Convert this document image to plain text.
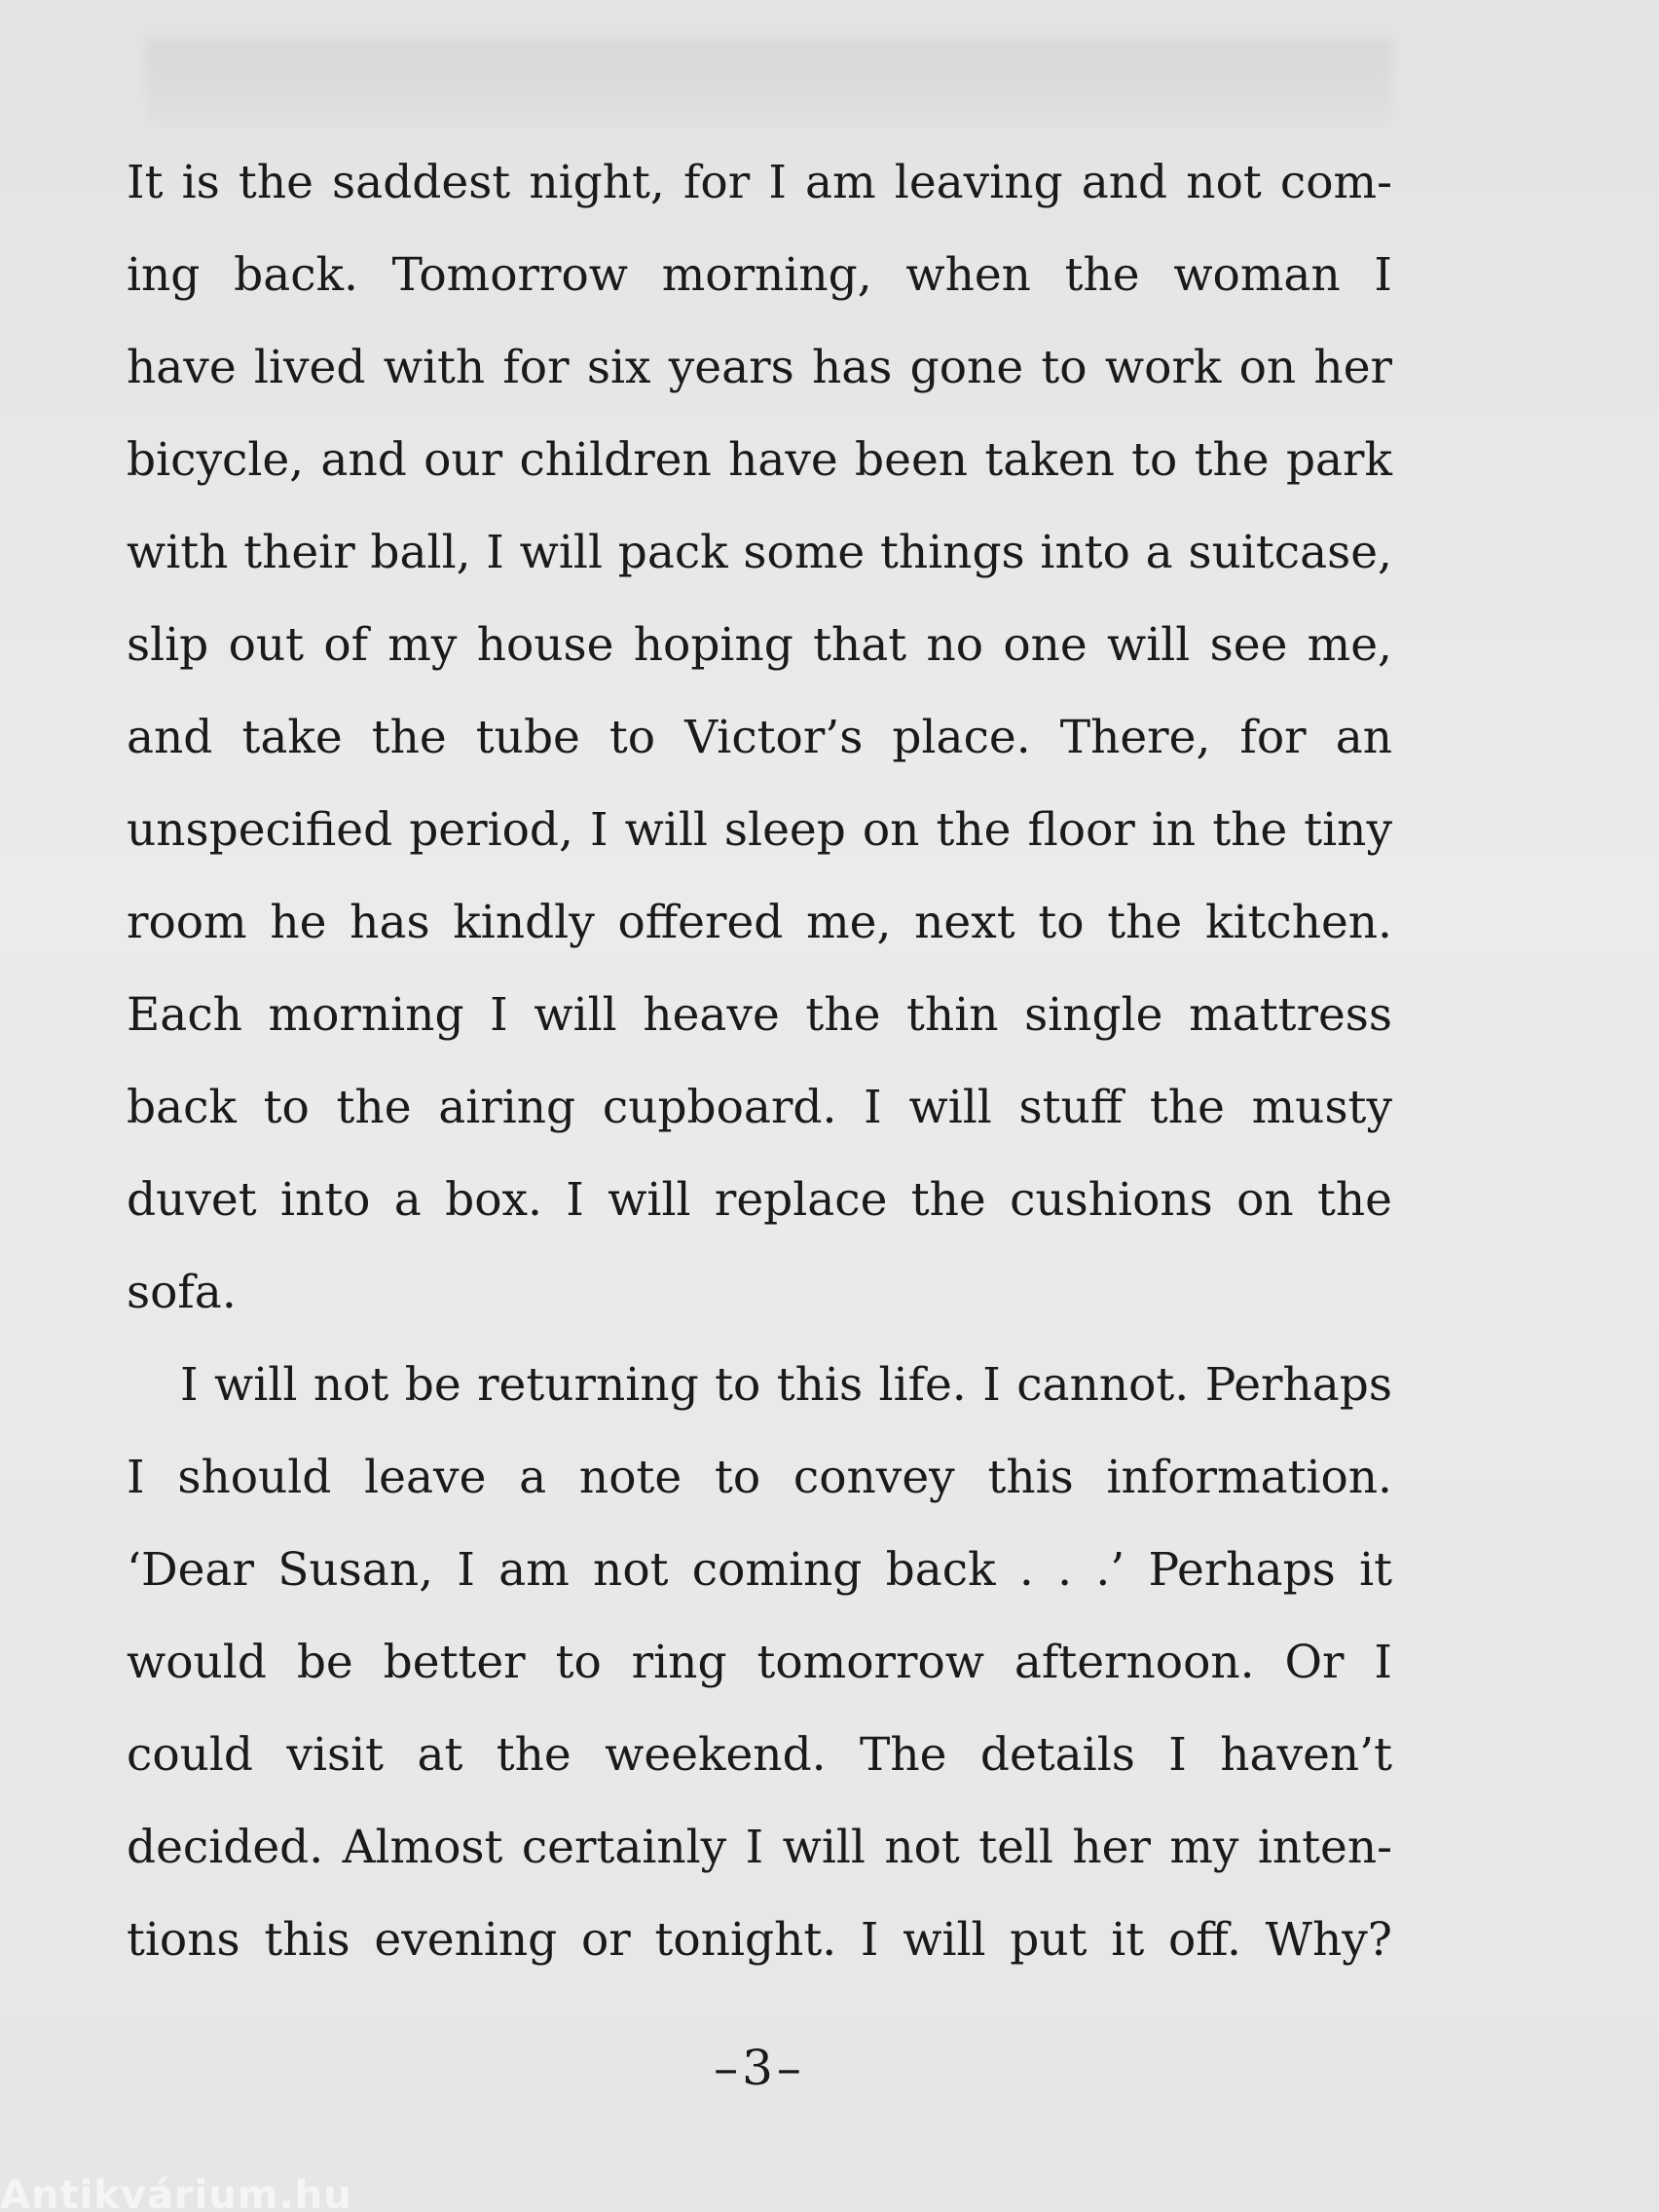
It is the saddest night, for I am leaving and not com-
ing back. Tomorrow morning, when the woman I
have lived with for six years has gone to work on her
bicycle, and our children have been taken to the park
with their ball, I will pack some things into a suitcase,
slip out of my house hoping that no one will see me,
and take the tube to Victor’s place. There, for an
unspecified period, I will sleep on the floor in the tiny
room he has kindly offered me, next to the kitchen.
Each morning I will heave the thin single mattress
back to the airing cupboard. I will stuff the musty
duvet into a box. I will replace the cushions on the
sofa.
I will not be returning to this life. I cannot. Perhaps
I should leave a note to convey this information.
‘Dear Susan, I am not coming back . . .’ Perhaps it
would be better to ring tomorrow afternoon. Or I
could visit at the weekend. The details I haven’t
decided. Almost certainly I will not tell her my inten-
tions this evening or tonight. I will put it off. Why?
–3–
Antikvárium.hu
